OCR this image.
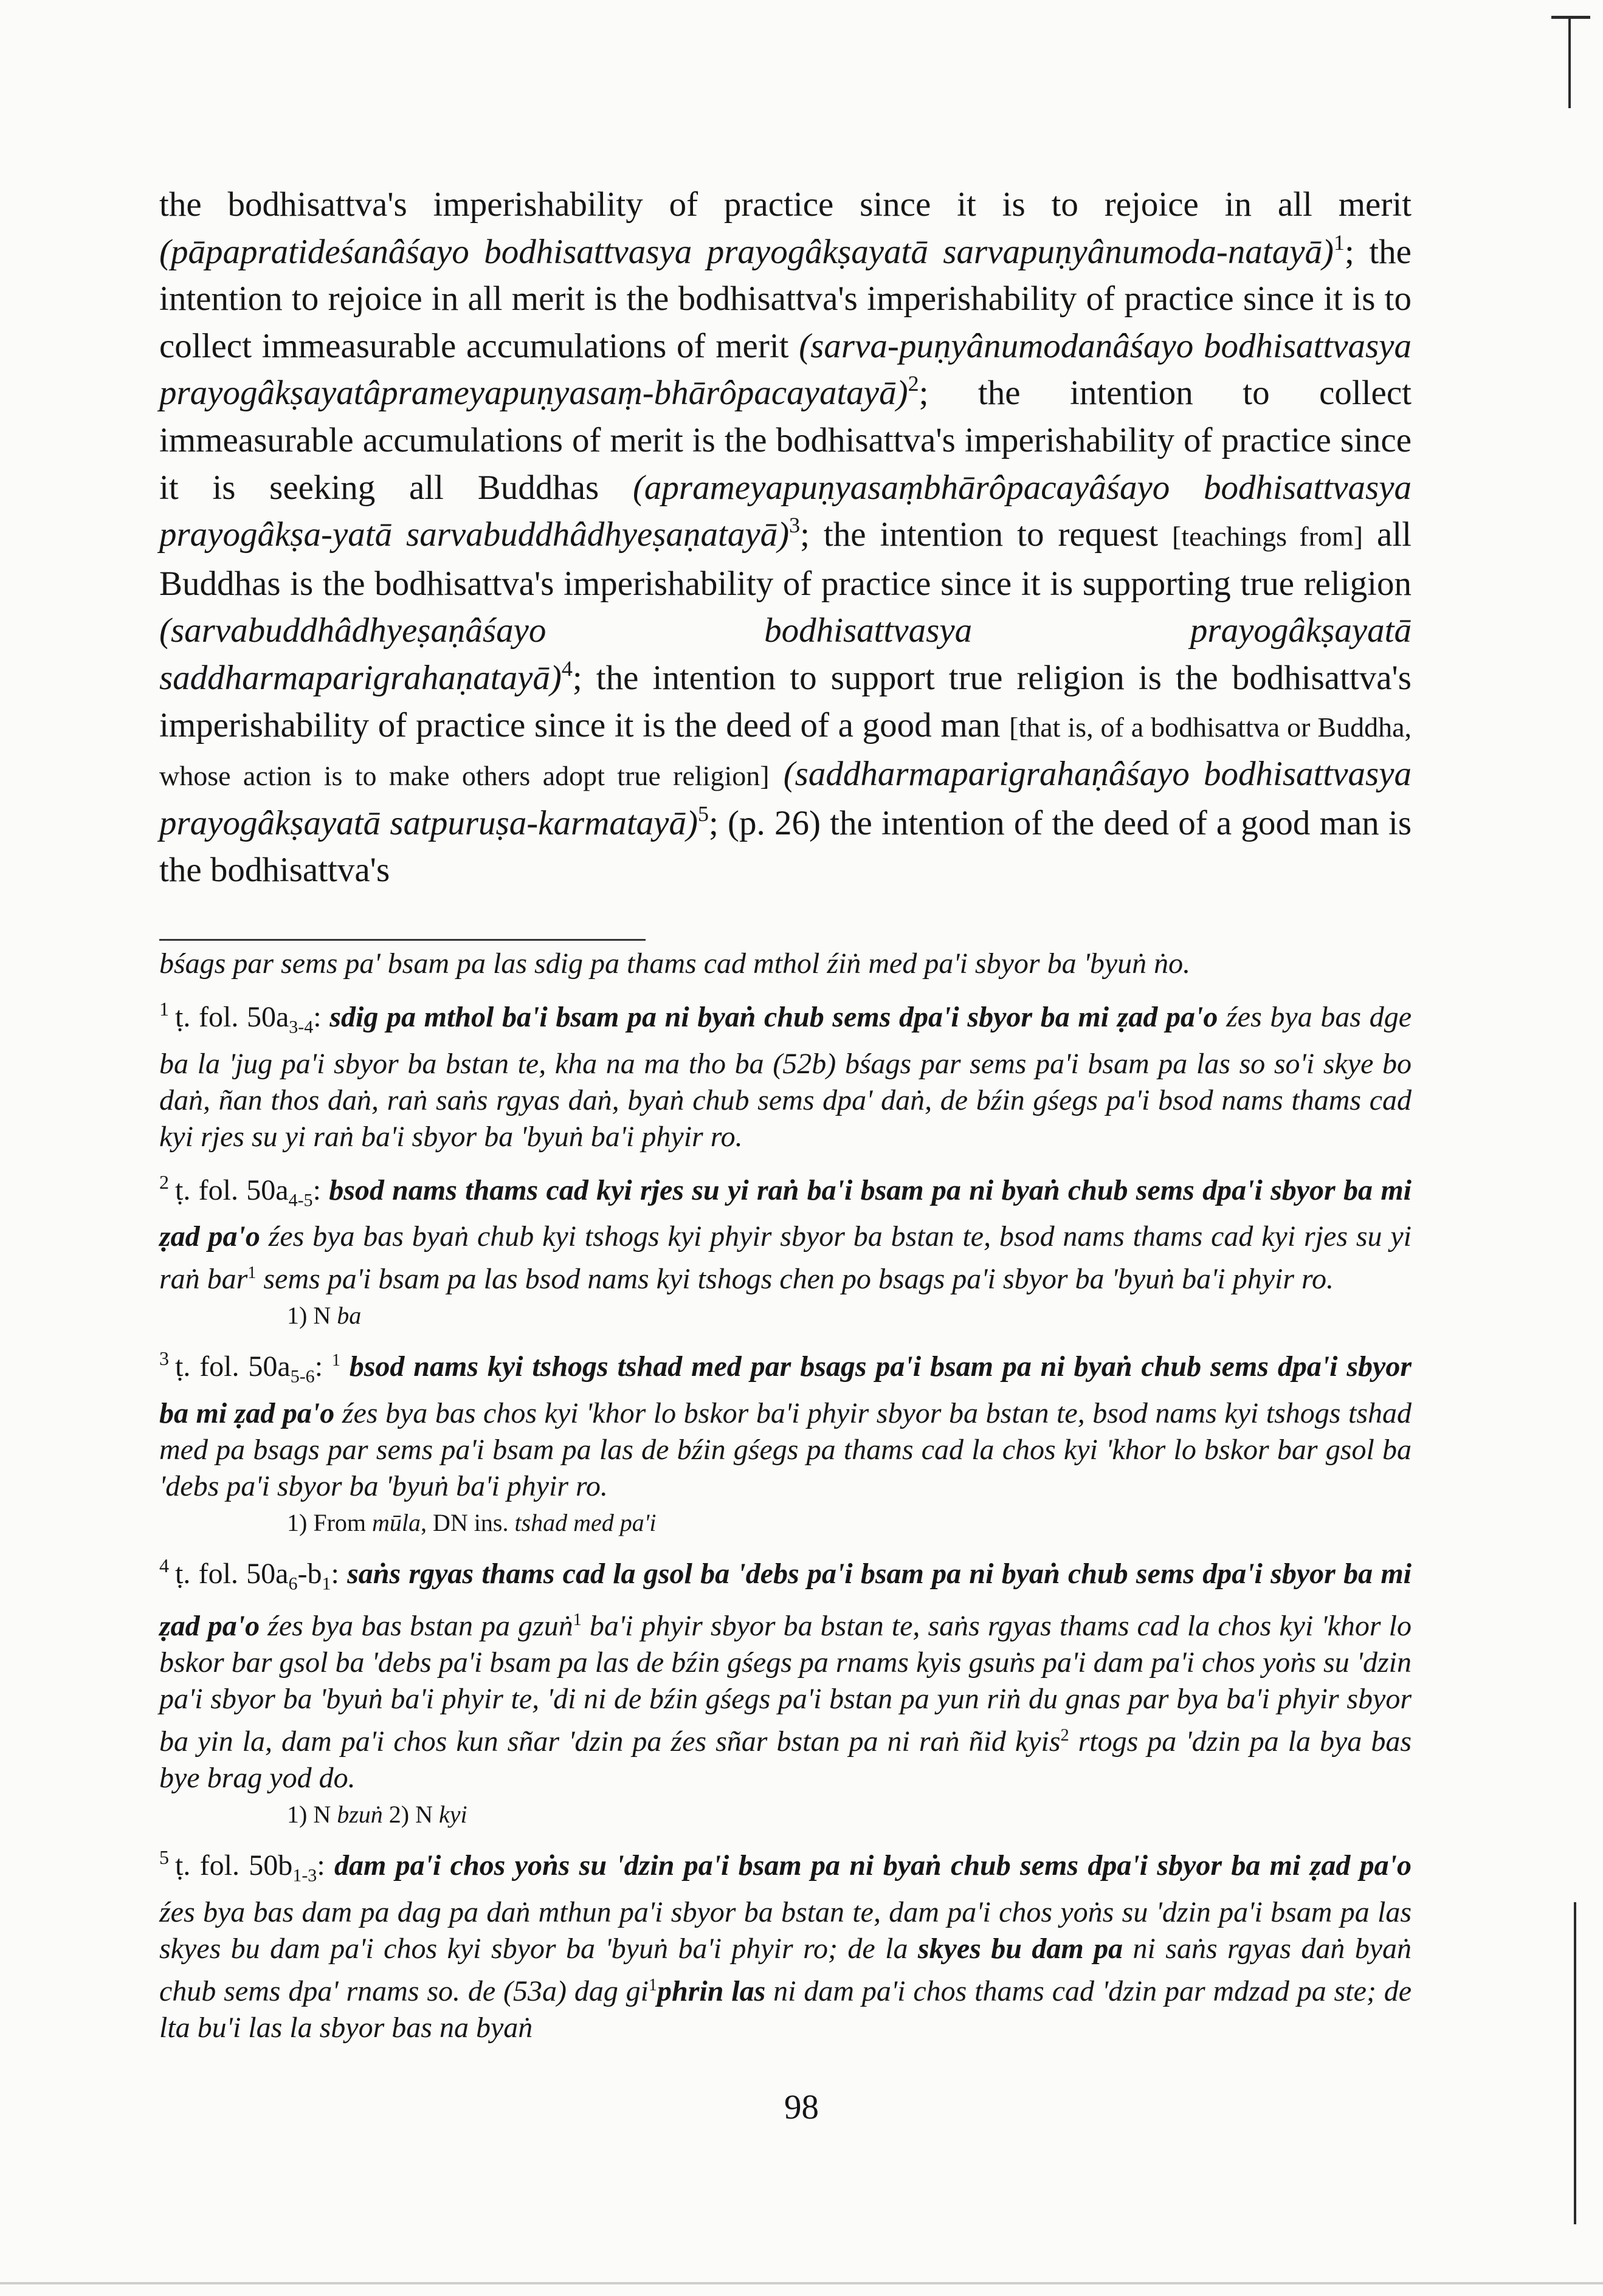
the bodhisattva's imperishability of practice since it is to rejoice in all merit (pāpapratideśanâśayo bodhisattvasya prayogâkṣayatā sarvapuṇyânumoda-natayā)$^1$; the intention to rejoice in all merit is the bodhisattva's imperishability of practice since it is to collect immeasurable accumulations of merit (sarva-puṇyânumodanâśayo bodhisattvasya prayogâkṣayatâprameyapuṇyasaṃ-bhārôpacayatayā)$^2$; the intention to collect immeasurable accumulations of merit is the bodhisattva's imperishability of practice since it is seeking all Buddhas (aprameyapuṇyasaṃbhārôpacayâśayo bodhisattvasya prayogâkṣa-yatā sarvabuddhâdhyeṣaṇatayā)$^3$; the intention to request [teachings from] all Buddhas is the bodhisattva's imperishability of practice since it is supporting true religion (sarvabuddhâdhyeṣaṇâśayo bodhisattvasya prayogâkṣayatā saddharmaparigrahaṇatayā)$^4$; the intention to support true religion is the bodhisattva's imperishability of practice since it is the deed of a good man [that is, of a bodhisattva or Buddha, whose action is to make others adopt true religion] (saddharmaparigrahaṇâśayo bodhisattvasya prayogâkṣayatā satpuruṣa-karmatayā)$^5$; (p. 26) the intention of the deed of a good man is the bodhisattva's

bśags par sems pa' bsam pa las sdig pa thams cad mthol źiṅ med pa'i sbyor ba 'byuṅ ṅo.

$^1$ ṭ. fol. $50a_{3-4}$: sdig pa mthol ba'i bsam pa ni byaṅ chub sems dpa'i sbyor ba mi ẓad pa'o źes bya bas dge ba la 'jug pa'i sbyor ba bstan te, kha na ma tho ba (52b) bśags par sems pa'i bsam pa las so so'i skye bo daṅ, ñan thos daṅ, raṅ saṅs rgyas daṅ, byaṅ chub sems dpa' daṅ, de bźin gśegs pa'i bsod nams thams cad kyi rjes su yi raṅ ba'i sbyor ba 'byuṅ ba'i phyir ro.

$^2$ ṭ. fol. $50a_{4-5}$: bsod nams thams cad kyi rjes su yi raṅ ba'i bsam pa ni byaṅ chub sems dpa'i sbyor ba mi ẓad pa'o źes bya bas byaṅ chub kyi tshogs kyi phyir sbyor ba bstan te, bsod nams thams cad kyi rjes su yi raṅ bar$^1$ sems pa'i bsam pa las bsod nams kyi tshogs chen po bsags pa'i sbyor ba 'byuṅ ba'i phyir ro.

1) N ba

$^3$ ṭ. fol. $50a_{5-6}$: $^1$ bsod nams kyi tshogs tshad med par bsags pa'i bsam pa ni byaṅ chub sems dpa'i sbyor ba mi ẓad pa'o źes bya bas chos kyi 'khor lo bskor ba'i phyir sbyor ba bstan te, bsod nams kyi tshogs tshad med pa bsags par sems pa'i bsam pa las de bźin gśegs pa thams cad la chos kyi 'khor lo bskor bar gsol ba 'debs pa'i sbyor ba 'byuṅ ba'i phyir ro.

1) From mūla, DN ins. tshad med pa'i

$^4$ ṭ. fol. $50a_6-b_1$: saṅs rgyas thams cad la gsol ba 'debs pa'i bsam pa ni byaṅ chub sems dpa'i sbyor ba mi ẓad pa'o źes bya bas bstan pa gzuṅ$^1$ ba'i phyir sbyor ba bstan te, saṅs rgyas thams cad la chos kyi 'khor lo bskor bar gsol ba 'debs pa'i bsam pa las de bźin gśegs pa rnams kyis gsuṅs pa'i dam pa'i chos yoṅs su 'dzin pa'i sbyor ba 'byuṅ ba'i phyir te, 'di ni de bźin gśegs pa'i bstan pa yun riṅ du gnas par bya ba'i phyir sbyor ba yin la, dam pa'i chos kun sñar 'dzin pa źes sñar bstan pa ni raṅ ñid kyis$^2$ rtogs pa 'dzin pa la bya bas bye brag yod do.

1) N bzuṅ 2) N kyi

$^5$ ṭ. fol. $50b_{1-3}$: dam pa'i chos yoṅs su 'dzin pa'i bsam pa ni byaṅ chub sems dpa'i sbyor ba mi ẓad pa'o źes bya bas dam pa dag pa daṅ mthun pa'i sbyor ba bstan te, dam pa'i chos yoṅs su 'dzin pa'i bsam pa las skyes bu dam pa'i chos kyi sbyor ba 'byuṅ ba'i phyir ro; de la skyes bu dam pa ni saṅs rgyas daṅ byaṅ chub sems dpa' rnams so. de (53a) dag gi$^1$phrin las ni dam pa'i chos thams cad 'dzin par mdzad pa ste; de lta bu'i las la sbyor bas na byaṅ

98
